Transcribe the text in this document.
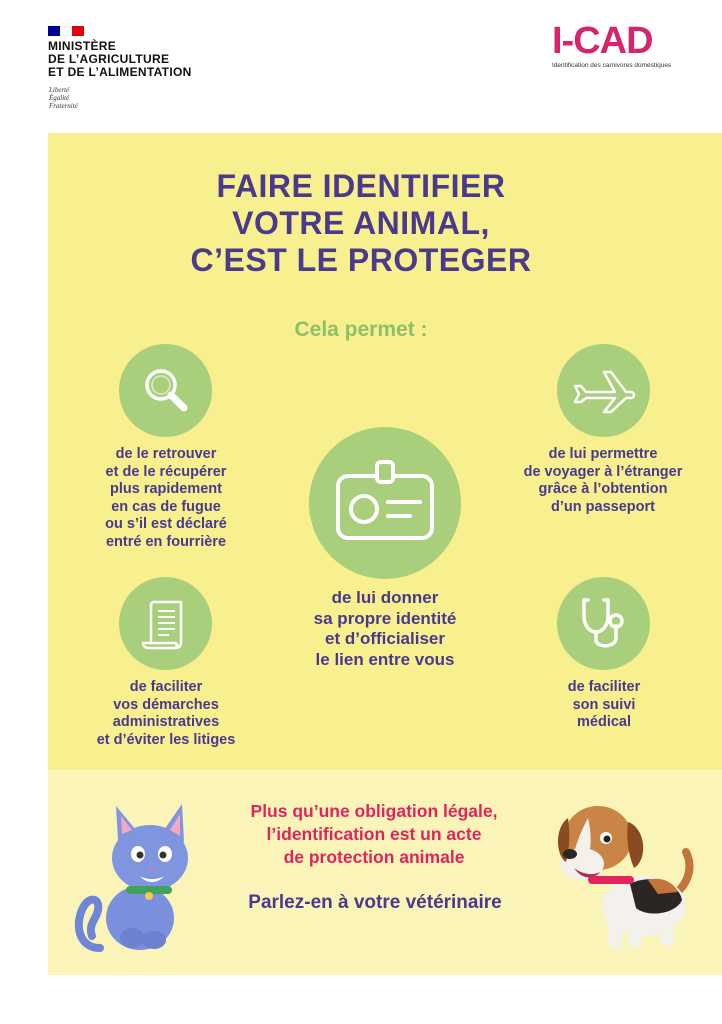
MINISTÈRE
DE L’AGRICULTURE
ET DE L’ALIMENTATION
Liberté
Égalité
Fraternité
I-CAD
Identification des carnivores domestiques
FAIRE IDENTIFIER
VOTRE ANIMAL,
C’EST LE PROTEGER
Cela permet :
de le retrouver
et de le récupérer
plus rapidement
en cas de fugue
ou s’il est déclaré
entré en fourrière
de lui permettre
de voyager à l’étranger
grâce à l’obtention
d’un passeport
de lui donner
sa propre identité
et d’officialiser
le lien entre vous
de faciliter
vos démarches
administratives
et d’éviter les litiges
de faciliter
son suivi
médical
Plus qu’une obligation légale,
l’identification est un acte
de protection animale
Parlez-en à votre vétérinaire
